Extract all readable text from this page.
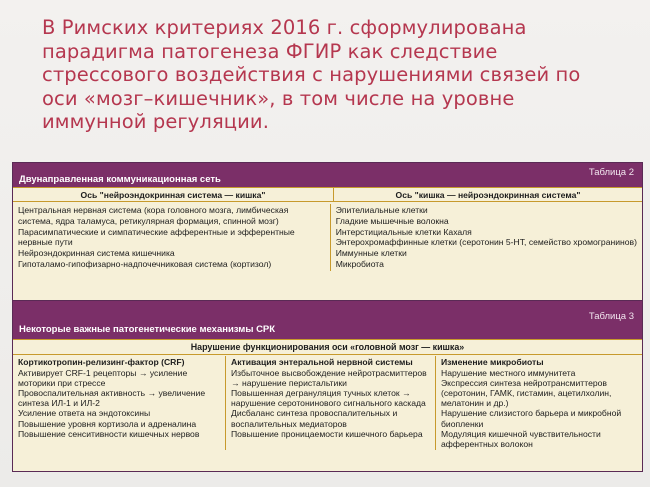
В Римских критериях 2016 г. сформулирована парадигма патогенеза ФГИР как следствие стрессового воздействия с нарушениями связей по оси «мозг–кишечник», в том числе на уровне иммунной регуляции.
Таблица 2
Двунаправленная коммуникационная сеть
Ось "нейроэндокринная система — кишка"	Ось "кишка — нейроэндокринная система"
Центральная нервная система (кора головного мозга, лимбическая
система, ядра таламуса, ретикулярная формация, спинной мозг)
Парасимпатические и симпатические афферентные и эфферентные
нервные пути
Нейроэндокринная система кишечника
Гипоталамо-гипофизарно-надпочечниковая система (кортизол)
Эпителиальные клетки
Гладкие мышечные волокна
Интерстициальные клетки Кахаля
Энтерохромаффинные клетки (серотонин 5-НТ, семейство хромогранинов)
Иммунные клетки
Микробиота
Таблица 3
Некоторые важные патогенетические механизмы СРК
Нарушение функционирования оси «головной мозг — кишка»
Кортикотропин-релизинг-фактор (CRF)
Активирует CRF-1 рецепторы → усиление
моторики при стрессе
Провоспалительная активность → увеличение
синтеза ИЛ-1 и ИЛ-2
Усиление ответа на эндотоксины
Повышение уровня кортизола и адреналина
Повышение сенситивности кишечных нервов
Активация энтеральной нервной системы
Избыточное высвобождение нейротрасмиттеров
→ нарушение перистальтики
Повышенная дегрануляция тучных клеток →
нарушение серотонинового сигнального каскада
Дисбаланс синтеза провоспалительных и
воспалительных медиаторов
Повышение проницаемости кишечного барьера
Изменение микробиоты
Нарушение местного иммунитета
Экспрессия синтеза нейротрансмиттеров
(серотонин, ГАМК, гистамин, ацетилхолин,
мелатонин и др.)
Нарушение слизистого барьера и микробной
биопленки
Модуляция кишечной чувствительности
афферентных волокон
